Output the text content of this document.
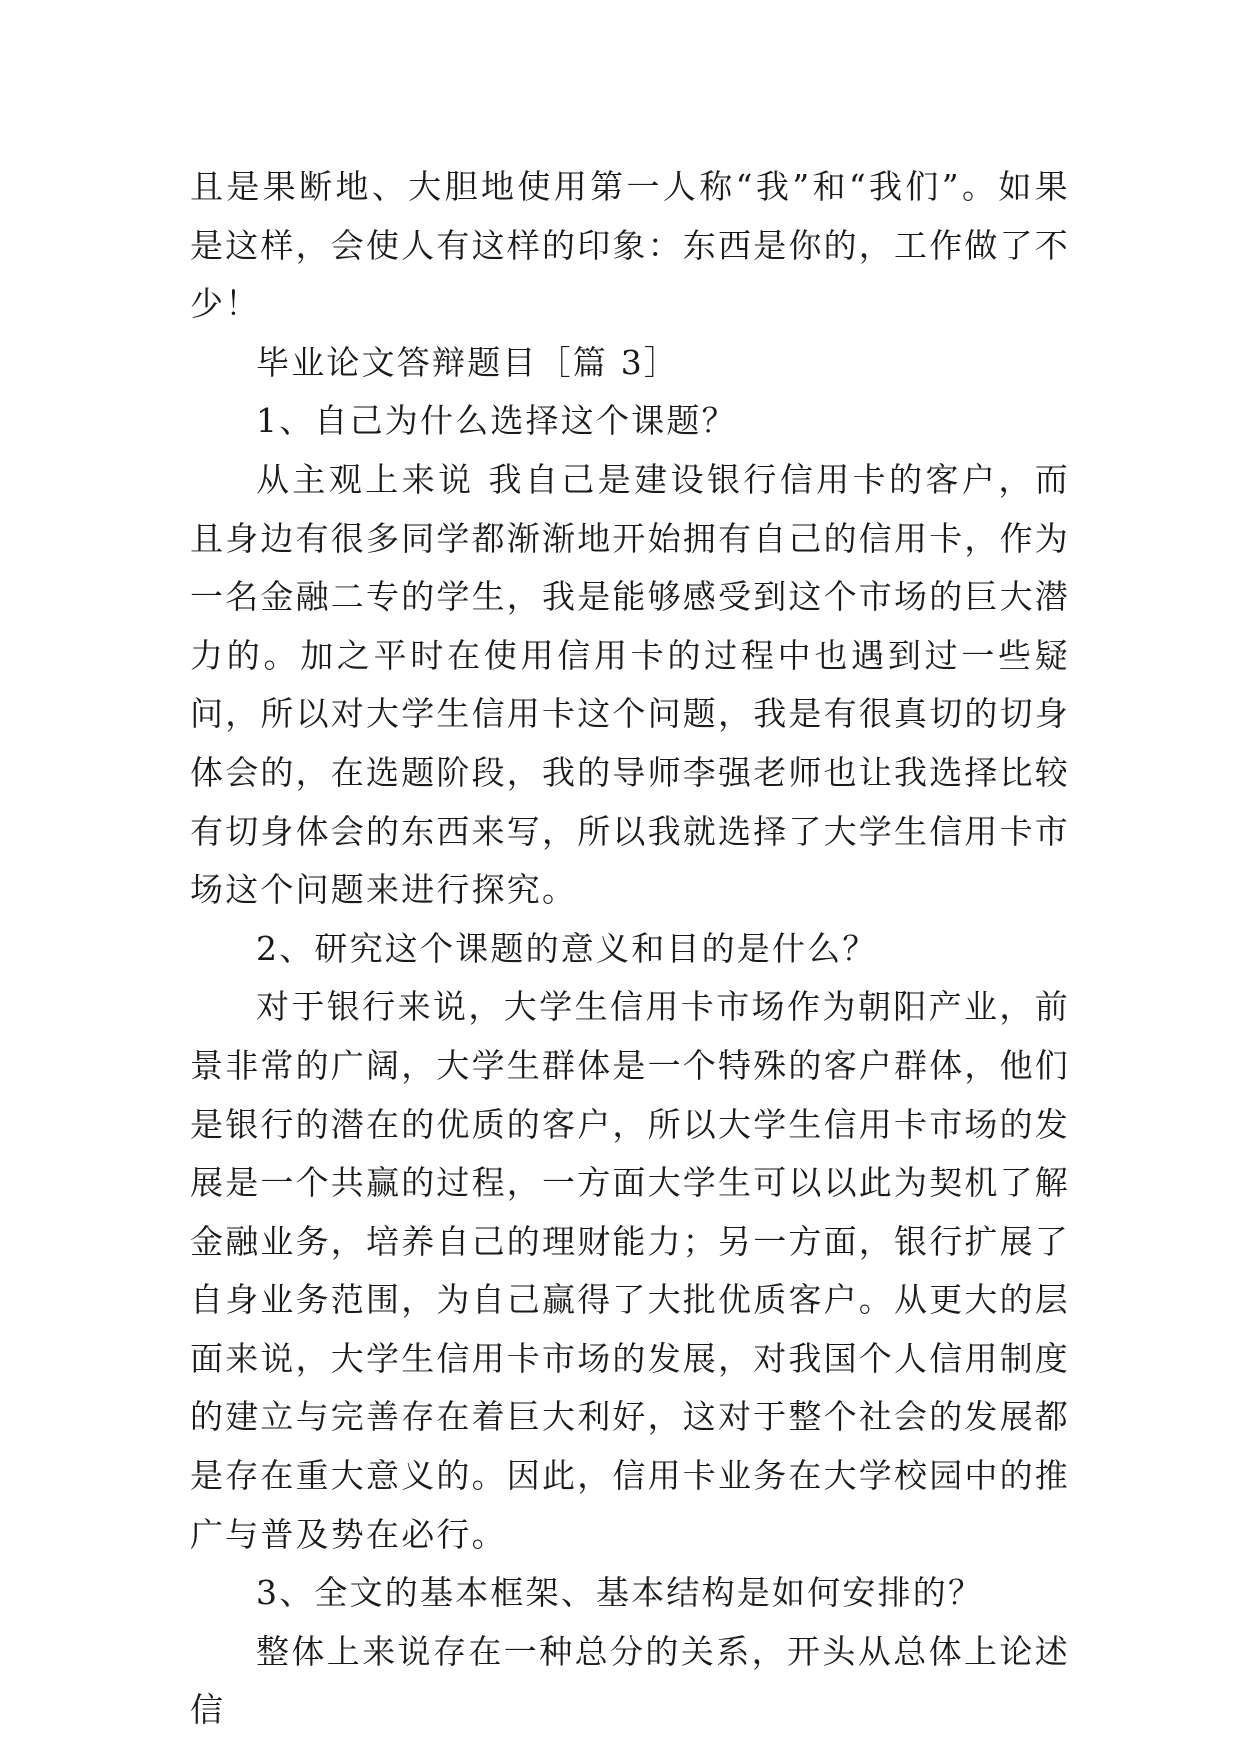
且是果断地、大胆地使用第一人称“我”和“我们”。如果是这样，会使人有这样的印象：东西是你的，工作做了不少！

毕业论文答辩题目［篇 3］

1、自己为什么选择这个课题？

从主观上来说 我自己是建设银行信用卡的客户，而且身边有很多同学都渐渐地开始拥有自己的信用卡，作为一名金融二专的学生，我是能够感受到这个市场的巨大潜力的。加之平时在使用信用卡的过程中也遇到过一些疑问，所以对大学生信用卡这个问题，我是有很真切的切身体会的，在选题阶段，我的导师李强老师也让我选择比较有切身体会的东西来写，所以我就选择了大学生信用卡市场这个问题来进行探究。

2、研究这个课题的意义和目的是什么？

对于银行来说，大学生信用卡市场作为朝阳产业，前景非常的广阔，大学生群体是一个特殊的客户群体，他们是银行的潜在的优质的客户，所以大学生信用卡市场的发展是一个共赢的过程，一方面大学生可以以此为契机了解金融业务，培养自己的理财能力；另一方面，银行扩展了自身业务范围，为自己赢得了大批优质客户。从更大的层面来说，大学生信用卡市场的发展，对我国个人信用制度的建立与完善存在着巨大利好，这对于整个社会的发展都是存在重大意义的。因此，信用卡业务在大学校园中的推广与普及势在必行。

3、全文的基本框架、基本结构是如何安排的？

整体上来说存在一种总分的关系，开头从总体上论述信
